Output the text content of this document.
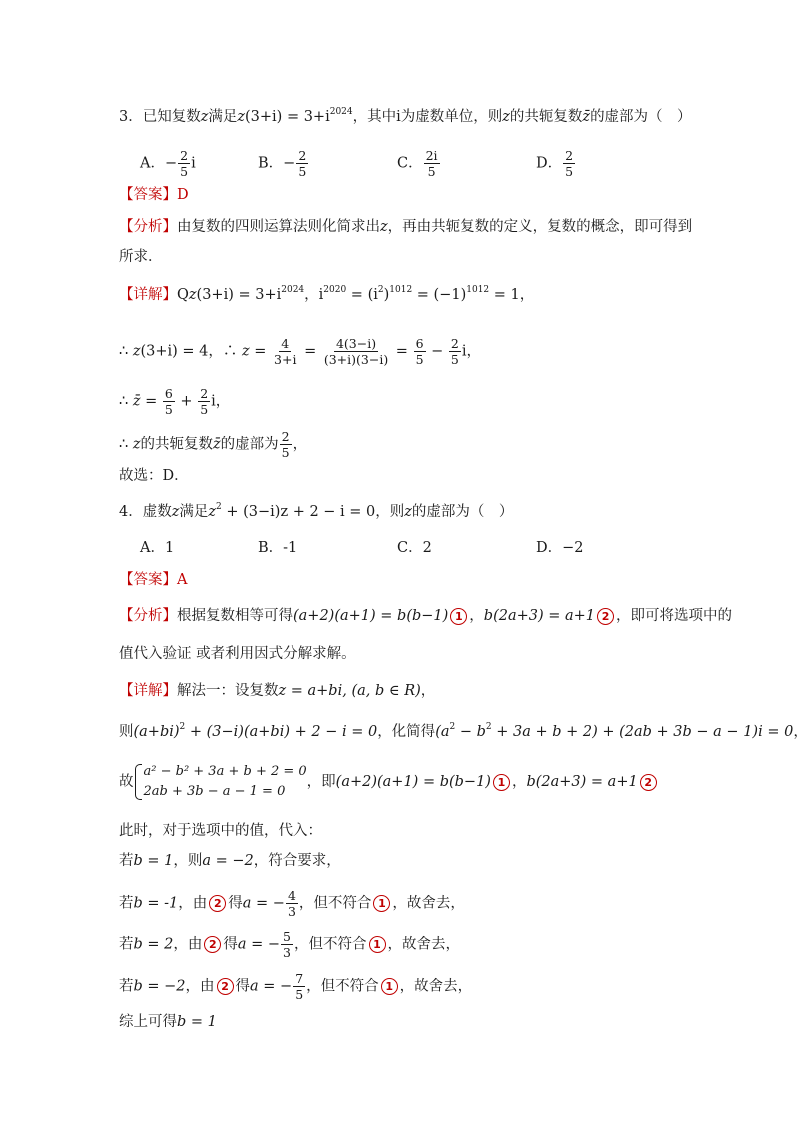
3．已知复数z满足$z(3+i) = 3+i^{2024}$，其中i为虚数单位，则z的共轭复数z̄的虚部为（　）
A．− $\frac{2}{5}$ i	B．− $\frac{2}{5}$	C． $\frac{2i}{5}$	D． $\frac{2}{5}$
【答案】D
【分析】由复数的四则运算法则化简求出z，再由共轭复数的定义，复数的概念，即可得到
所求．
【详解】$Qz(3+i) = 3+i^{2024}$，$i^{2020} = (i^2)^{1012} = (-1)^{1012} = 1$，
∴ z(3+i) = 4，∴ $z = \frac{4}{3+i} = \frac{4(3-i)}{(3+i)(3-i)} = \frac{6}{5} - \frac{2}{5}$ i，
∴ z̄ = $\frac{6}{5} + \frac{2}{5}$ i，
∴ z的共轭复数z̄的虚部为 $\frac{2}{5}$ ，
故选：D．
4．虚数z满足$z^2 + (3-i)z + 2 - i = 0$，则z的虚部为（　）
A．1	B．-1	C．2	D．−2
【答案】A
【分析】根据复数相等可得(a+2)(a+1) = b(b−1) 1 ，b(2a+3) = a+1 2 ，即可将选项中的
值代入验证 或者利用因式分解求解。
【详解】解法一：设复数z = a+bi, (a, b ∈ R)，
则$(a+bi)^2 + (3-i)(a+bi) + 2 - i = 0$，化简得$(a^2 - b^2 + 3a + b + 2) + (2ab + 3b - a - 1)i = 0$，
故
a² − b² + 3a + b + 2 = 0
2ab + 3b − a − 1 = 0
，即(a+2)(a+1) = b(b−1) 1 ，b(2a+3) = a+1 2
此时，对于选项中的值，代入：
若b = 1，则a = −2，符合要求，
若b = -1，由 2 得a = − $\frac{4}{3}$ ，但不符合 1 ，故舍去，
若b = 2，由 2 得a = − $\frac{5}{3}$ ，但不符合 1 ，故舍去，
若b = −2，由 2 得a = − $\frac{7}{5}$ ，但不符合 1 ，故舍去，
综上可得b = 1
